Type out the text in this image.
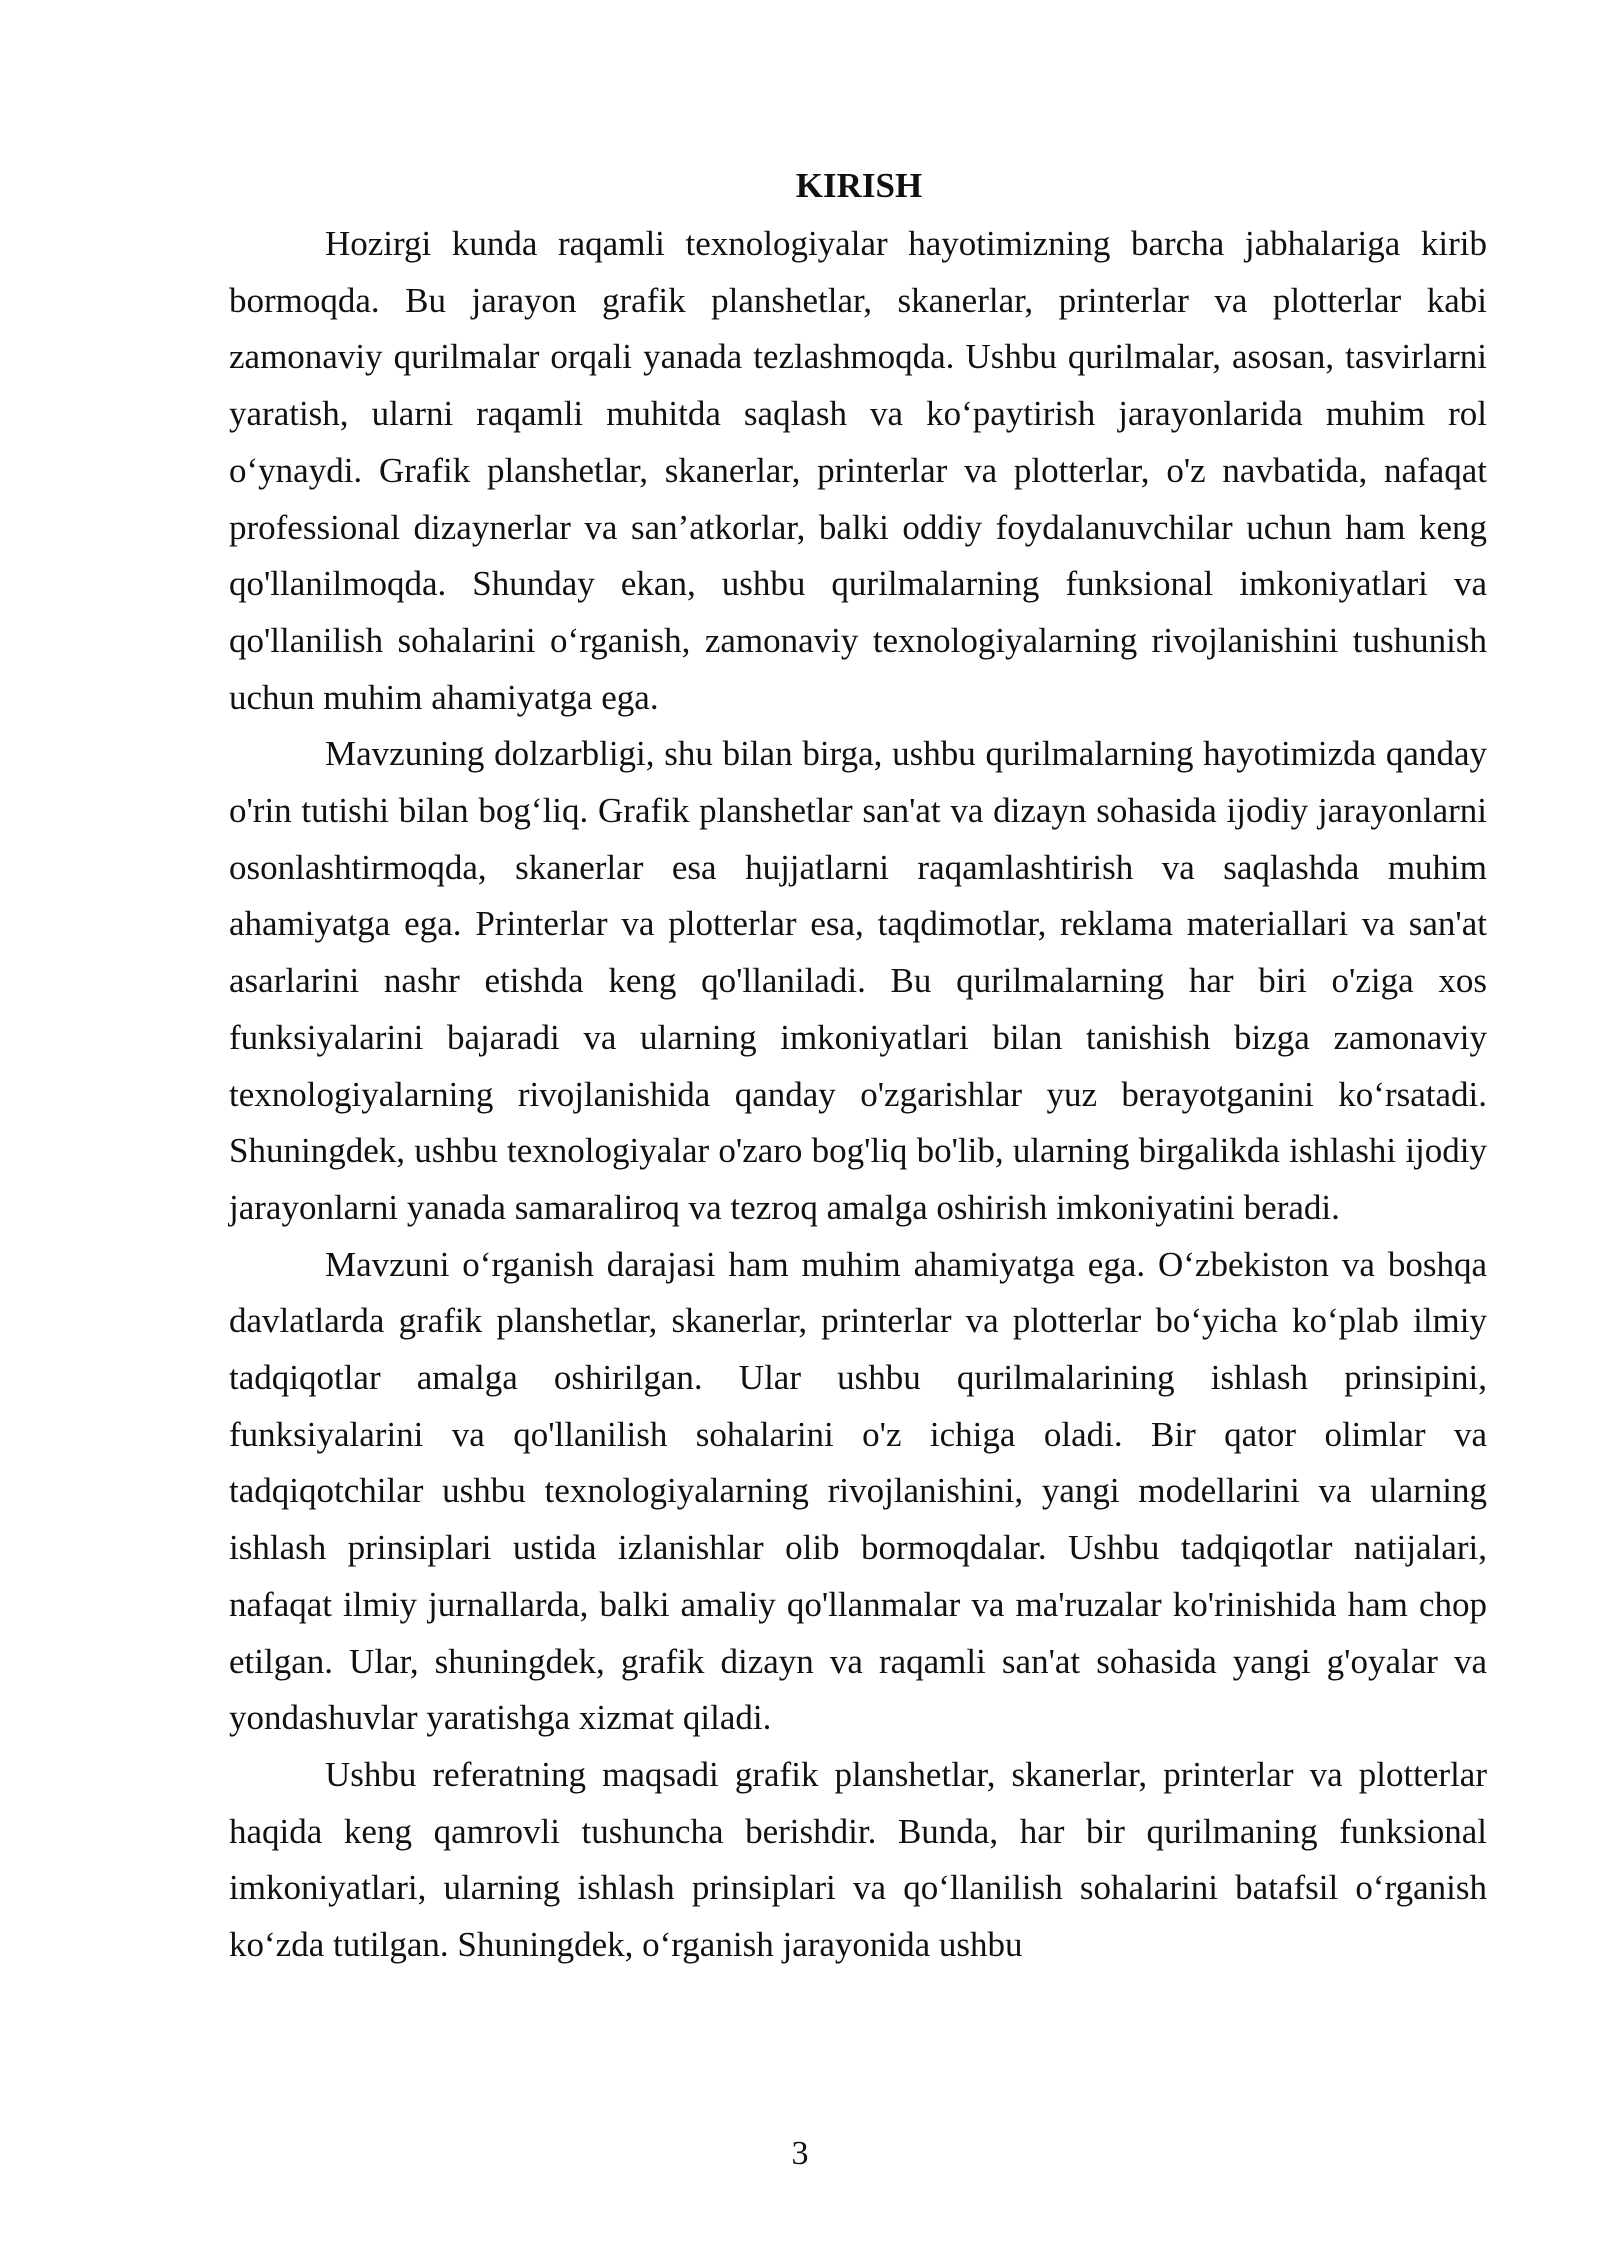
KIRISH

Hozirgi kunda raqamli texnologiyalar hayotimizning barcha jabhalariga kirib bormoqda. Bu jarayon grafik planshetlar, skanerlar, printerlar va plotterlar kabi zamonaviy qurilmalar orqali yanada tezlashmoqda. Ushbu qurilmalar, asosan, tasvirlarni yaratish, ularni raqamli muhitda saqlash va ko‘paytirish jarayonlarida muhim rol o‘ynaydi. Grafik planshetlar, skanerlar, printerlar va plotterlar, o'z navbatida, nafaqat professional dizaynerlar va san’atkorlar, balki oddiy foydalanuvchilar uchun ham keng qo'llanilmoqda. Shunday ekan, ushbu qurilmalarning funksional imkoniyatlari va qo'llanilish sohalarini o‘rganish, zamonaviy texnologiyalarning rivojlanishini tushunish uchun muhim ahamiyatga ega.

Mavzuning dolzarbligi, shu bilan birga, ushbu qurilmalarning hayotimizda qanday o'rin tutishi bilan bog‘liq. Grafik planshetlar san'at va dizayn sohasida ijodiy jarayonlarni osonlashtirmoqda, skanerlar esa hujjatlarni raqamlashtirish va saqlashda muhim ahamiyatga ega. Printerlar va plotterlar esa, taqdimotlar, reklama materiallari va san'at asarlarini nashr etishda keng qo'llaniladi. Bu qurilmalarning har biri o'ziga xos funksiyalarini bajaradi va ularning imkoniyatlari bilan tanishish bizga zamonaviy texnologiyalarning rivojlanishida qanday o'zgarishlar yuz berayotganini ko‘rsatadi. Shuningdek, ushbu texnologiyalar o'zaro bog'liq bo'lib, ularning birgalikda ishlashi ijodiy jarayonlarni yanada samaraliroq va tezroq amalga oshirish imkoniyatini beradi.

Mavzuni o‘rganish darajasi ham muhim ahamiyatga ega. O‘zbekiston va boshqa davlatlarda grafik planshetlar, skanerlar, printerlar va plotterlar bo‘yicha ko‘plab ilmiy tadqiqotlar amalga oshirilgan. Ular ushbu qurilmalarining ishlash prinsipini, funksiyalarini va qo'llanilish sohalarini o'z ichiga oladi. Bir qator olimlar va tadqiqotchilar ushbu texnologiyalarning rivojlanishini, yangi modellarini va ularning ishlash prinsiplari ustida izlanishlar olib bormoqdalar. Ushbu tadqiqotlar natijalari, nafaqat ilmiy jurnallarda, balki amaliy qo'llanmalar va ma'ruzalar ko'rinishida ham chop etilgan. Ular, shuningdek, grafik dizayn va raqamli san'at sohasida yangi g'oyalar va yondashuvlar yaratishga xizmat qiladi.

Ushbu referatning maqsadi grafik planshetlar, skanerlar, printerlar va plotterlar haqida keng qamrovli tushuncha berishdir. Bunda, har bir qurilmaning funksional imkoniyatlari, ularning ishlash prinsiplari va qo‘llanilish sohalarini batafsil o‘rganish ko‘zda tutilgan. Shuningdek, o‘rganish jarayonida ushbu

3
